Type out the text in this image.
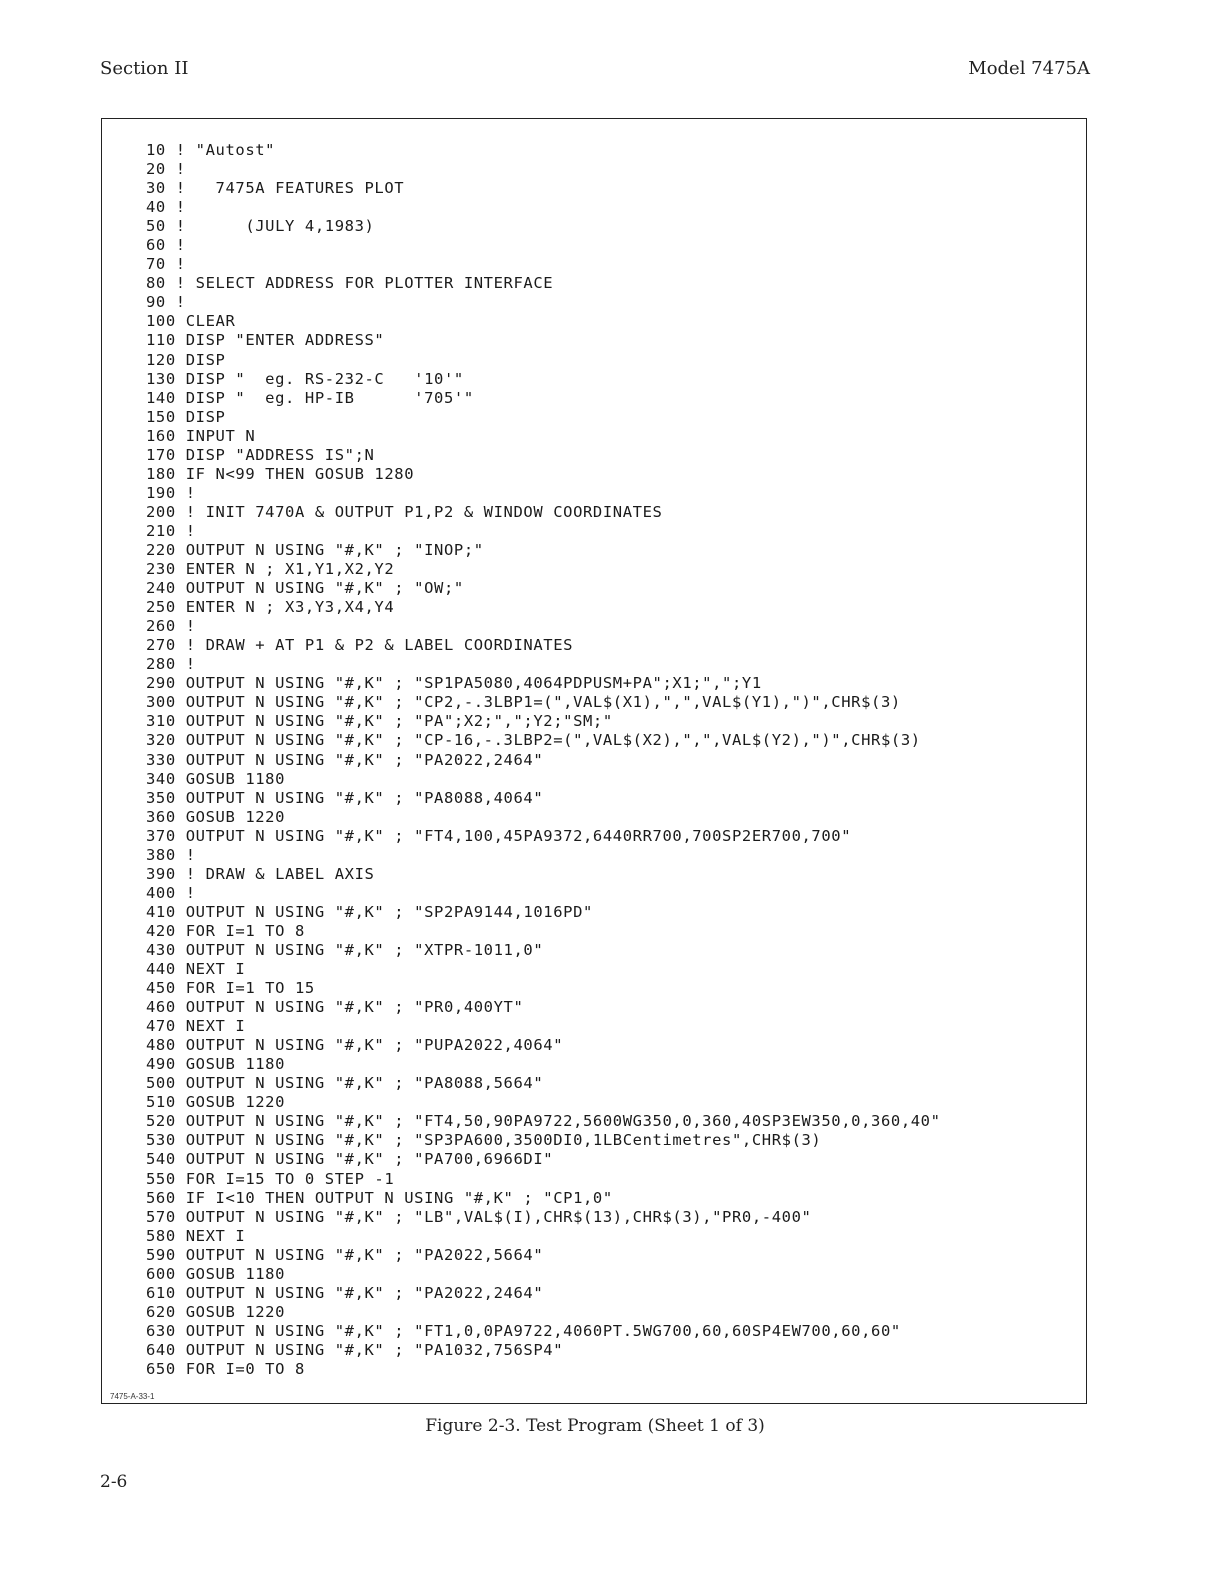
Section II	Model 7475A
10 ! "Autost"
20 !
30 !   7475A FEATURES PLOT
40 !
50 !      (JULY 4,1983)
60 !
70 !
80 ! SELECT ADDRESS FOR PLOTTER INTERFACE
90 !
100 CLEAR
110 DISP "ENTER ADDRESS"
120 DISP
130 DISP "  eg. RS-232-C   '10'"
140 DISP "  eg. HP-IB      '705'"
150 DISP
160 INPUT N
170 DISP "ADDRESS IS";N
180 IF N<99 THEN GOSUB 1280
190 !
200 ! INIT 7470A & OUTPUT P1,P2 & WINDOW COORDINATES
210 !
220 OUTPUT N USING "#,K" ; "INOP;"
230 ENTER N ; X1,Y1,X2,Y2
240 OUTPUT N USING "#,K" ; "OW;"
250 ENTER N ; X3,Y3,X4,Y4
260 !
270 ! DRAW + AT P1 & P2 & LABEL COORDINATES
280 !
290 OUTPUT N USING "#,K" ; "SP1PA5080,4064PDPUSM+PA";X1;",";Y1
300 OUTPUT N USING "#,K" ; "CP2,-.3LBP1=(",VAL$(X1),",",VAL$(Y1),")",CHR$(3)
310 OUTPUT N USING "#,K" ; "PA";X2;",";Y2;"SM;"
320 OUTPUT N USING "#,K" ; "CP-16,-.3LBP2=(",VAL$(X2),",",VAL$(Y2),")",CHR$(3)
330 OUTPUT N USING "#,K" ; "PA2022,2464"
340 GOSUB 1180
350 OUTPUT N USING "#,K" ; "PA8088,4064"
360 GOSUB 1220
370 OUTPUT N USING "#,K" ; "FT4,100,45PA9372,6440RR700,700SP2ER700,700"
380 !
390 ! DRAW & LABEL AXIS
400 !
410 OUTPUT N USING "#,K" ; "SP2PA9144,1016PD"
420 FOR I=1 TO 8
430 OUTPUT N USING "#,K" ; "XTPR-1011,0"
440 NEXT I
450 FOR I=1 TO 15
460 OUTPUT N USING "#,K" ; "PR0,400YT"
470 NEXT I
480 OUTPUT N USING "#,K" ; "PUPA2022,4064"
490 GOSUB 1180
500 OUTPUT N USING "#,K" ; "PA8088,5664"
510 GOSUB 1220
520 OUTPUT N USING "#,K" ; "FT4,50,90PA9722,5600WG350,0,360,40SP3EW350,0,360,40"
530 OUTPUT N USING "#,K" ; "SP3PA600,3500DI0,1LBCentimetres",CHR$(3)
540 OUTPUT N USING "#,K" ; "PA700,6966DI"
550 FOR I=15 TO 0 STEP -1
560 IF I<10 THEN OUTPUT N USING "#,K" ; "CP1,0"
570 OUTPUT N USING "#,K" ; "LB",VAL$(I),CHR$(13),CHR$(3),"PR0,-400"
580 NEXT I
590 OUTPUT N USING "#,K" ; "PA2022,5664"
600 GOSUB 1180
610 OUTPUT N USING "#,K" ; "PA2022,2464"
620 GOSUB 1220
630 OUTPUT N USING "#,K" ; "FT1,0,0PA9722,4060PT.5WG700,60,60SP4EW700,60,60"
640 OUTPUT N USING "#,K" ; "PA1032,756SP4"
650 FOR I=0 TO 8
7475-A-33-1
Figure 2-3. Test Program (Sheet 1 of 3)
2-6
